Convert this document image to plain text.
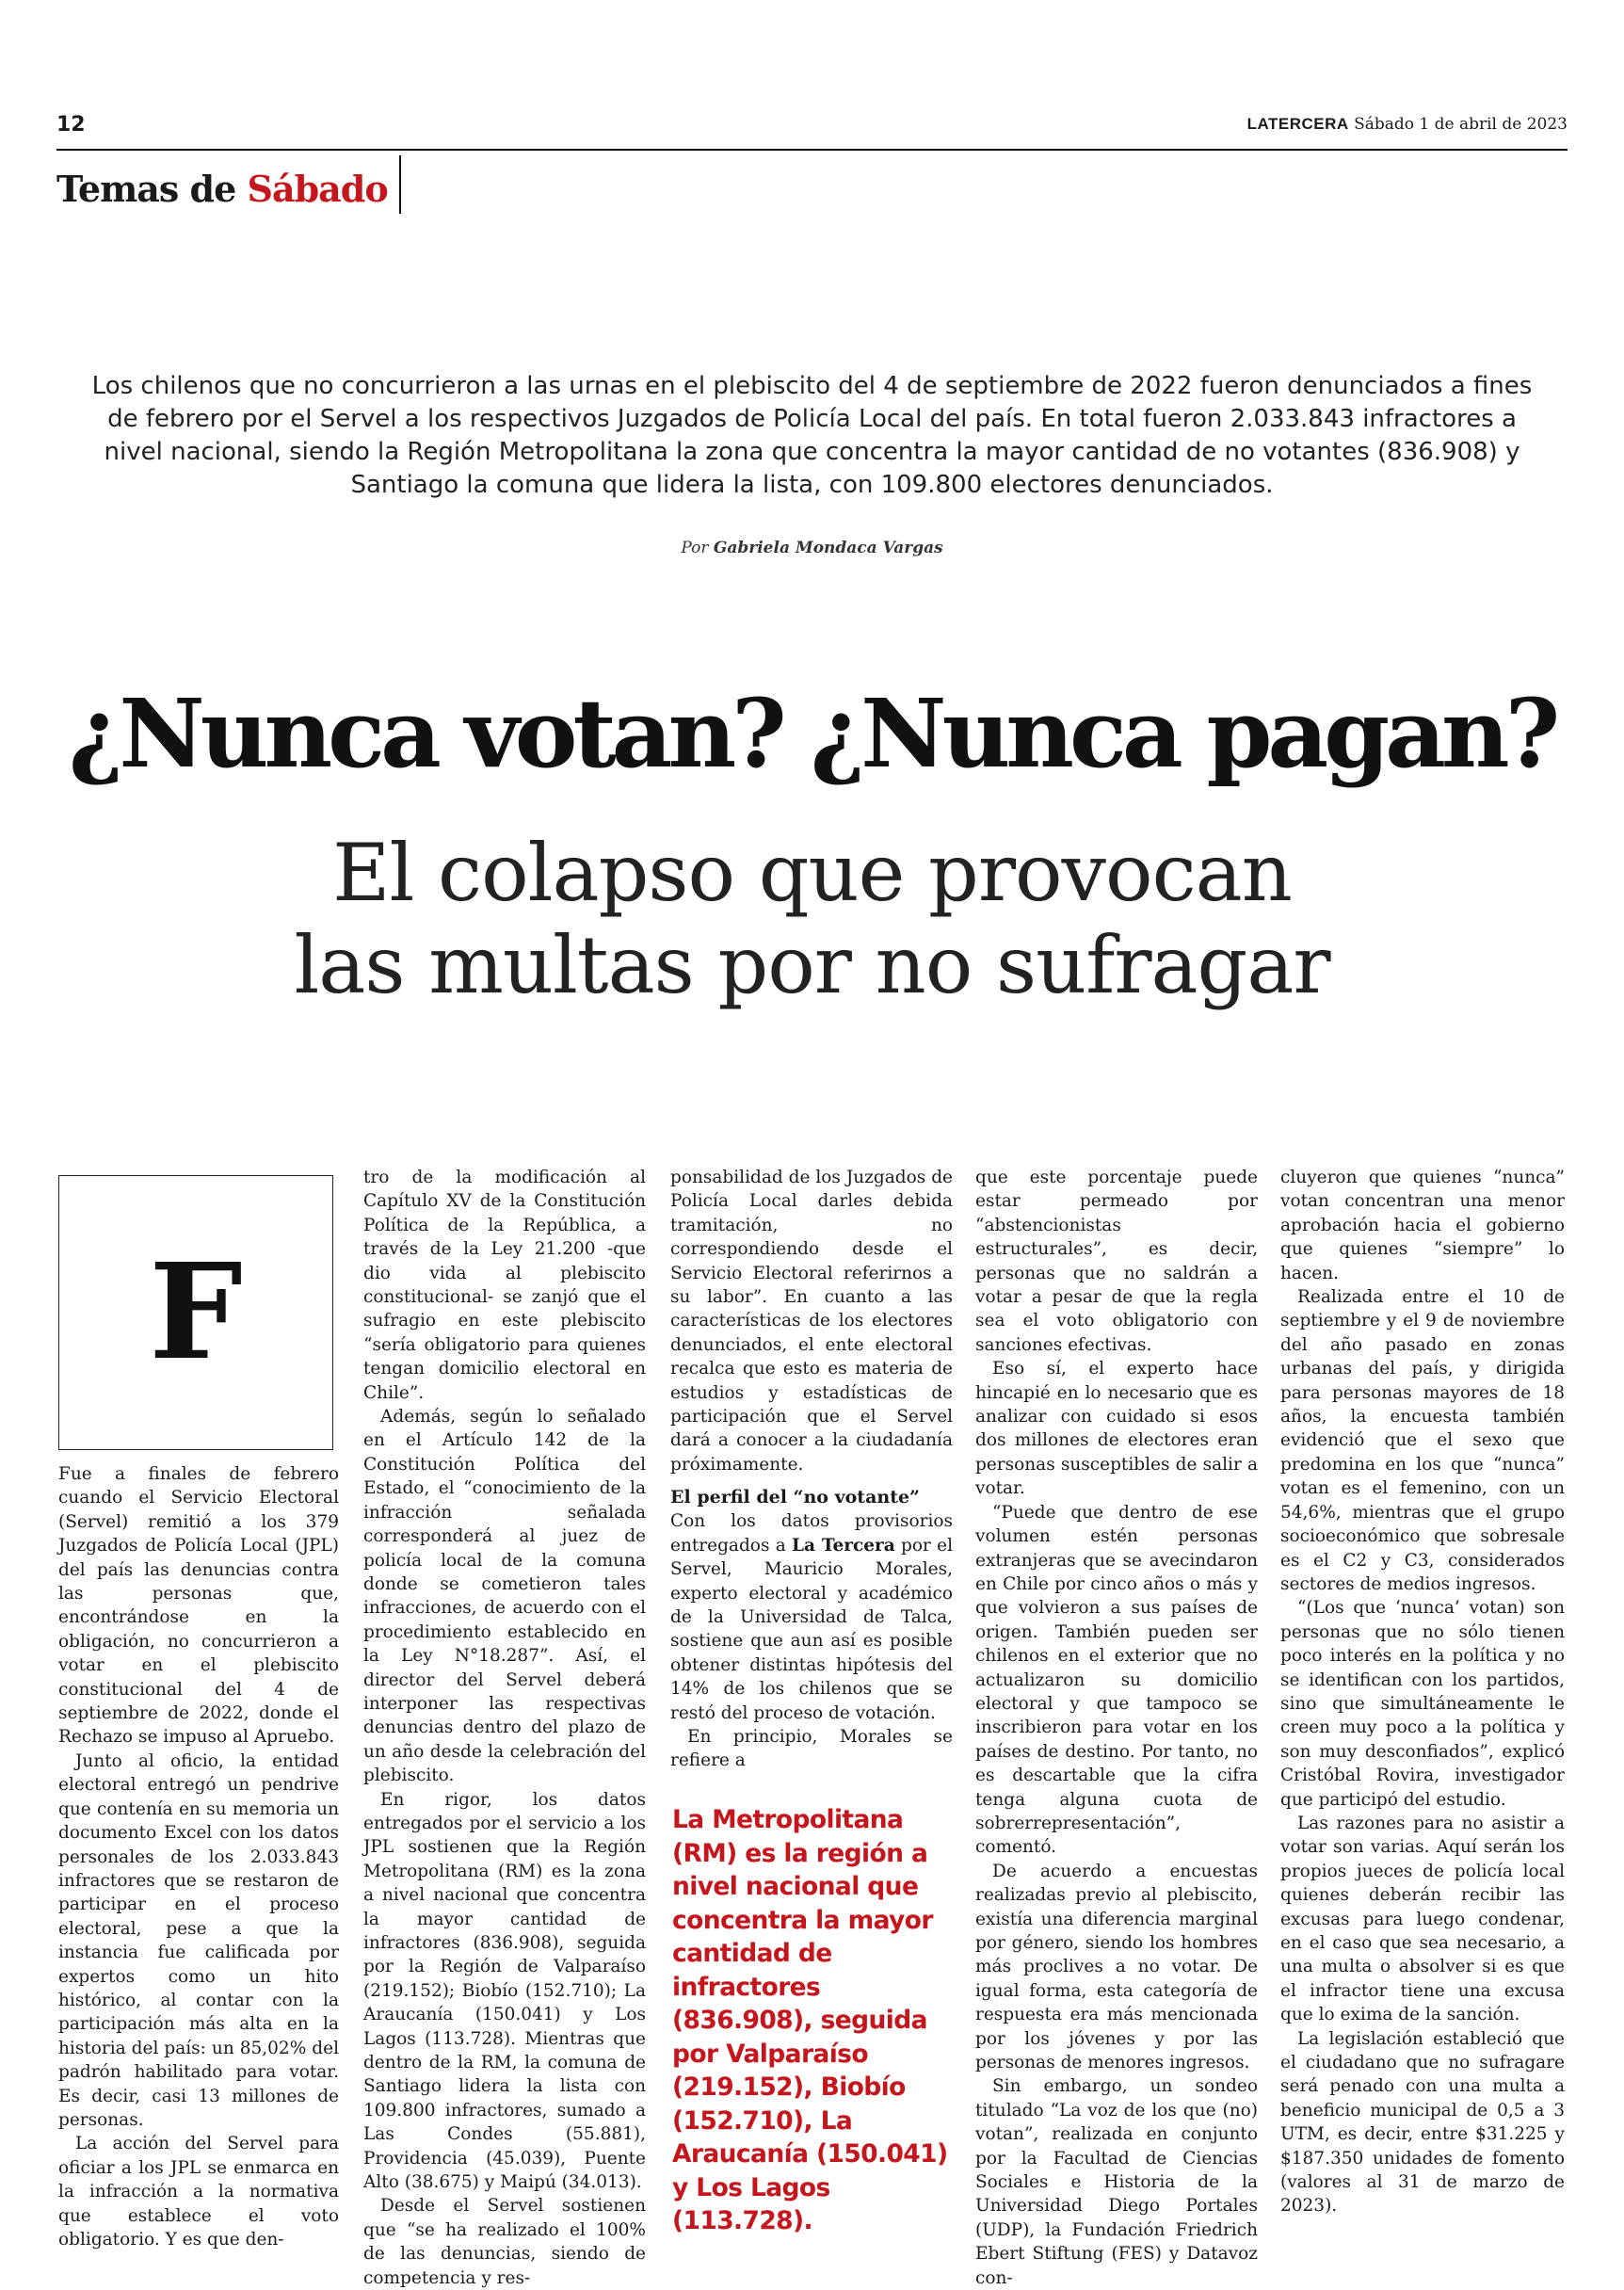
12	LATERCERA Sábado 1 de abril de 2023
Temas de Sábado
Los chilenos que no concurrieron a las urnas en el plebiscito del 4 de septiembre de 2022 fueron denunciados a fines de febrero por el Servel a los respectivos Juzgados de Policía Local del país. En total fueron 2.033.843 infractores a nivel nacional, siendo la Región Metropolitana la zona que concentra la mayor cantidad de no votantes (836.908) y Santiago la comuna que lidera la lista, con 109.800 electores denunciados.
Por Gabriela Mondaca Vargas
¿Nunca votan? ¿Nunca pagan?
El colapso que provocan
las multas por no sufragar
F

Fue a finales de febrero cuando el Servicio Electoral (Servel) remitió a los 379 Juzgados de Policía Local (JPL) del país las denuncias contra las personas que, encontrándose en la obligación, no concurrieron a votar en el plebiscito constitucional del 4 de septiembre de 2022, donde el Rechazo se impuso al Apruebo.

Junto al oficio, la entidad electoral entregó un pendrive que contenía en su memoria un documento Excel con los datos personales de los 2.033.843 infractores que se restaron de participar en el proceso electoral, pese a que la instancia fue calificada por expertos como un hito histórico, al contar con la participación más alta en la historia del país: un 85,02% del padrón habilitado para votar. Es decir, casi 13 millones de personas.

La acción del Servel para oficiar a los JPL se enmarca en la infracción a la normativa que establece el voto obligatorio. Y es que den-

tro de la modificación al Capítulo XV de la Constitución Política de la República, a través de la Ley 21.200 -que dio vida al plebiscito constitucional- se zanjó que el sufragio en este plebiscito “sería obligatorio para quienes tengan domicilio electoral en Chile”.

Además, según lo señalado en el Artículo 142 de la Constitución Política del Estado, el “conocimiento de la infracción señalada corresponderá al juez de policía local de la comuna donde se cometieron tales infracciones, de acuerdo con el procedimiento establecido en la Ley N°18.287”. Así, el director del Servel deberá interponer las respectivas denuncias dentro del plazo de un año desde la celebración del plebiscito.

En rigor, los datos entregados por el servicio a los JPL sostienen que la Región Metropolitana (RM) es la zona a nivel nacional que concentra la mayor cantidad de infractores (836.908), seguida por la Región de Valparaíso (219.152); Biobío (152.710); La Araucanía (150.041) y Los Lagos (113.728). Mientras que dentro de la RM, la comuna de Santiago lidera la lista con 109.800 infractores, sumado a Las Condes (55.881), Providencia (45.039), Puente Alto (38.675) y Maipú (34.013).

Desde el Servel sostienen que “se ha realizado el 100% de las denuncias, siendo de competencia y res-

ponsabilidad de los Juzgados de Policía Local darles debida tramitación, no correspondiendo desde el Servicio Electoral referirnos a su labor”. En cuanto a las características de los electores denunciados, el ente electoral recalca que esto es materia de estudios y estadísticas de participación que el Servel dará a conocer a la ciudadanía próximamente.

El perfil del “no votante”

Con los datos provisorios entregados a La Tercera por el Servel, Mauricio Morales, experto electoral y académico de la Universidad de Talca, sostiene que aun así es posible obtener distintas hipótesis del 14% de los chilenos que se restó del proceso de votación.

En principio, Morales se refiere a

La Metropolitana (RM) es la región a nivel nacional que concentra la mayor cantidad de infractores (836.908), seguida por Valparaíso (219.152), Biobío (152.710), La Araucanía (150.041) y Los Lagos (113.728).

que este porcentaje puede estar permeado por “abstencionistas estructurales”, es decir, personas que no saldrán a votar a pesar de que la regla sea el voto obligatorio con sanciones efectivas.

Eso sí, el experto hace hincapié en lo necesario que es analizar con cuidado si esos dos millones de electores eran personas susceptibles de salir a votar.

“Puede que dentro de ese volumen estén personas extranjeras que se avecindaron en Chile por cinco años o más y que volvieron a sus países de origen. También pueden ser chilenos en el exterior que no actualizaron su domicilio electoral y que tampoco se inscribieron para votar en los países de destino. Por tanto, no es descartable que la cifra tenga alguna cuota de sobrerrepresentación”, comentó.

De acuerdo a encuestas realizadas previo al plebiscito, existía una diferencia marginal por género, siendo los hombres más proclives a no votar. De igual forma, esta categoría de respuesta era más mencionada por los jóvenes y por las personas de menores ingresos.

Sin embargo, un sondeo titulado “La voz de los que (no) votan”, realizada en conjunto por la Facultad de Ciencias Sociales e Historia de la Universidad Diego Portales (UDP), la Fundación Friedrich Ebert Stiftung (FES) y Datavoz con-

cluyeron que quienes “nunca” votan concentran una menor aprobación hacia el gobierno que quienes “siempre” lo hacen.

Realizada entre el 10 de septiembre y el 9 de noviembre del año pasado en zonas urbanas del país, y dirigida para personas mayores de 18 años, la encuesta también evidenció que el sexo que predomina en los que “nunca” votan es el femenino, con un 54,6%, mientras que el grupo socioeconómico que sobresale es el C2 y C3, considerados sectores de medios ingresos.

“(Los que ‘nunca’ votan) son personas que no sólo tienen poco interés en la política y no se identifican con los partidos, sino que simultáneamente le creen muy poco a la política y son muy desconfiados”, explicó Cristóbal Rovira, investigador que participó del estudio.

Las razones para no asistir a votar son varias. Aquí serán los propios jueces de policía local quienes deberán recibir las excusas para luego condenar, en el caso que sea necesario, a una multa o absolver si es que el infractor tiene una excusa que lo exima de la sanción.

La legislación estableció que el ciudadano que no sufragare será penado con una multa a beneficio municipal de 0,5 a 3 UTM, es decir, entre $31.225 y $187.350 unidades de fomento (valores al 31 de marzo de 2023).
